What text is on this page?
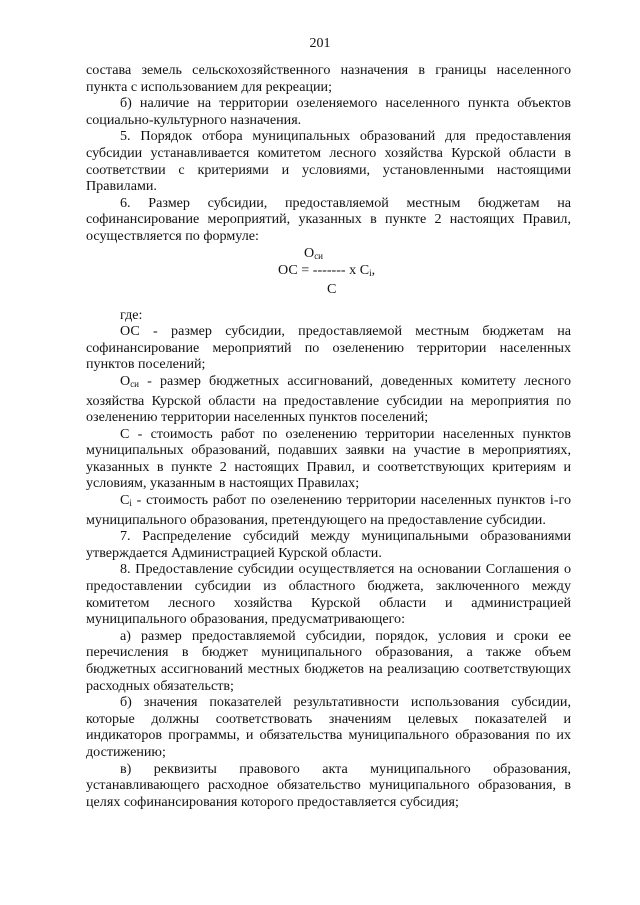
201

состава земель сельскохозяйственного назначения в границы населенного пункта с использованием для рекреации;

б) наличие на территории озеленяемого населенного пункта объектов социально-культурного назначения.

5. Порядок отбора муниципальных образований для предоставления субсидии устанавливается комитетом лесного хозяйства Курской области в соответствии с критериями и условиями, установленными настоящими Правилами.

6. Размер субсидии, предоставляемой местным бюджетам на софинансирование мероприятий, указанных в пункте 2 настоящих Правил, осуществляется по формуле:

$О_{си}$
ОС = ------- х $С_i$,
С

где:

ОС - размер субсидии, предоставляемой местным бюджетам на софинансирование мероприятий по озеленению территории населенных пунктов поселений;

$О_{си}$ - размер бюджетных ассигнований, доведенных комитету лесного хозяйства Курской области на предоставление субсидии на мероприятия по озеленению территории населенных пунктов поселений;

С - стоимость работ по озеленению территории населенных пунктов муниципальных образований, подавших заявки на участие в мероприятиях, указанных в пункте 2 настоящих Правил, и соответствующих критериям и условиям, указанным в настоящих Правилах;

$С_i$ - стоимость работ по озеленению территории населенных пунктов i-го муниципального образования, претендующего на предоставление субсидии.

7. Распределение субсидий между муниципальными образованиями утверждается Администрацией Курской области.

8. Предоставление субсидии осуществляется на основании Соглашения о предоставлении субсидии из областного бюджета, заключенного между комитетом лесного хозяйства Курской области и администрацией муниципального образования, предусматривающего:

а) размер предоставляемой субсидии, порядок, условия и сроки ее перечисления в бюджет муниципального образования, а также объем бюджетных ассигнований местных бюджетов на реализацию соответствующих расходных обязательств;

б) значения показателей результативности использования субсидии, которые должны соответствовать значениям целевых показателей и индикаторов программы, и обязательства муниципального образования по их достижению;

в) реквизиты правового акта муниципального образования, устанавливающего расходное обязательство муниципального образования, в целях софинансирования которого предоставляется субсидия;
